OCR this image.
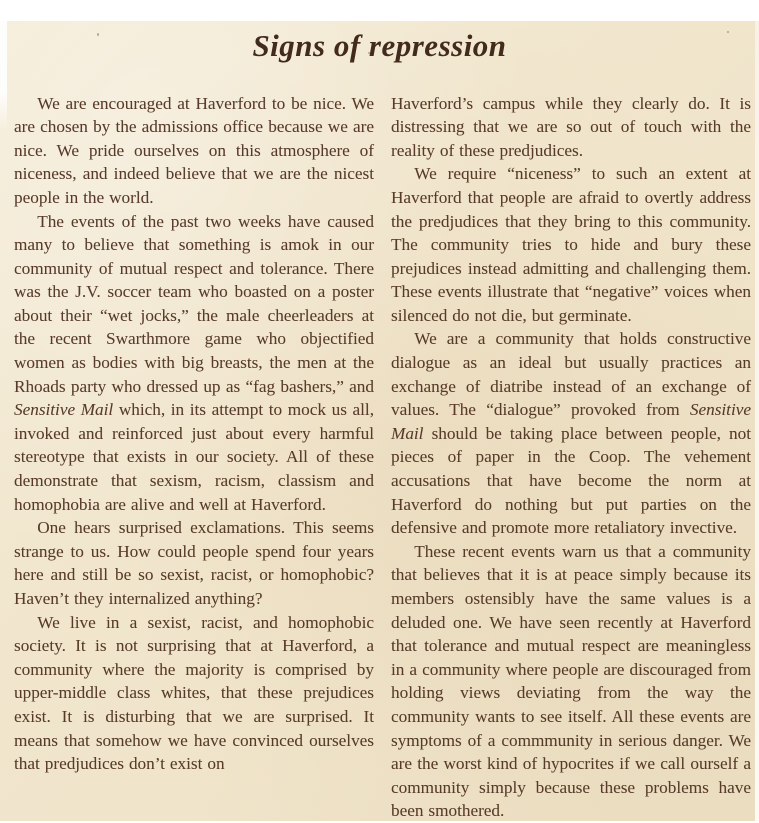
Signs of repression

We are encouraged at Haverford to be nice. We are chosen by the admissions office because we are nice. We pride ourselves on this atmosphere of niceness, and indeed believe that we are the nicest people in the world.

The events of the past two weeks have caused many to believe that something is amok in our community of mutual respect and tolerance. There was the J.V. soccer team who boasted on a poster about their “wet jocks,” the male cheerleaders at the recent Swarthmore game who objectified women as bodies with big breasts, the men at the Rhoads party who dressed up as “fag bashers,” and Sensitive Mail which, in its attempt to mock us all, invoked and reinforced just about every harmful stereotype that exists in our society. All of these demonstrate that sexism, racism, classism and homophobia are alive and well at Haverford.

One hears surprised exclamations. This seems strange to us. How could people spend four years here and still be so sexist, racist, or homophobic? Haven’t they internalized anything?

We live in a sexist, racist, and homophobic society. It is not surprising that at Haverford, a community where the majority is comprised by upper-middle class whites, that these prejudices exist. It is disturbing that we are surprised. It means that somehow we have convinced ourselves that predjudices don’t exist on

Haverford’s campus while they clearly do. It is distressing that we are so out of touch with the reality of these predjudices.

We require “niceness” to such an extent at Haverford that people are afraid to overtly address the predjudices that they bring to this community. The community tries to hide and bury these prejudices instead admitting and challenging them. These events illustrate that “negative” voices when silenced do not die, but germinate.

We are a community that holds constructive dialogue as an ideal but usually practices an exchange of diatribe instead of an exchange of values. The “dialogue” provoked from Sensitive Mail should be taking place between people, not pieces of paper in the Coop. The vehement accusations that have become the norm at Haverford do nothing but put parties on the defensive and promote more retaliatory invective.

These recent events warn us that a community that believes that it is at peace simply because its members ostensibly have the same values is a deluded one. We have seen recently at Haverford that tolerance and mutual respect are meaningless in a community where people are discouraged from holding views deviating from the way the community wants to see itself. All these events are symptoms of a commmunity in serious danger. We are the worst kind of hypocrites if we call ourself a community simply because these problems have been smothered.
